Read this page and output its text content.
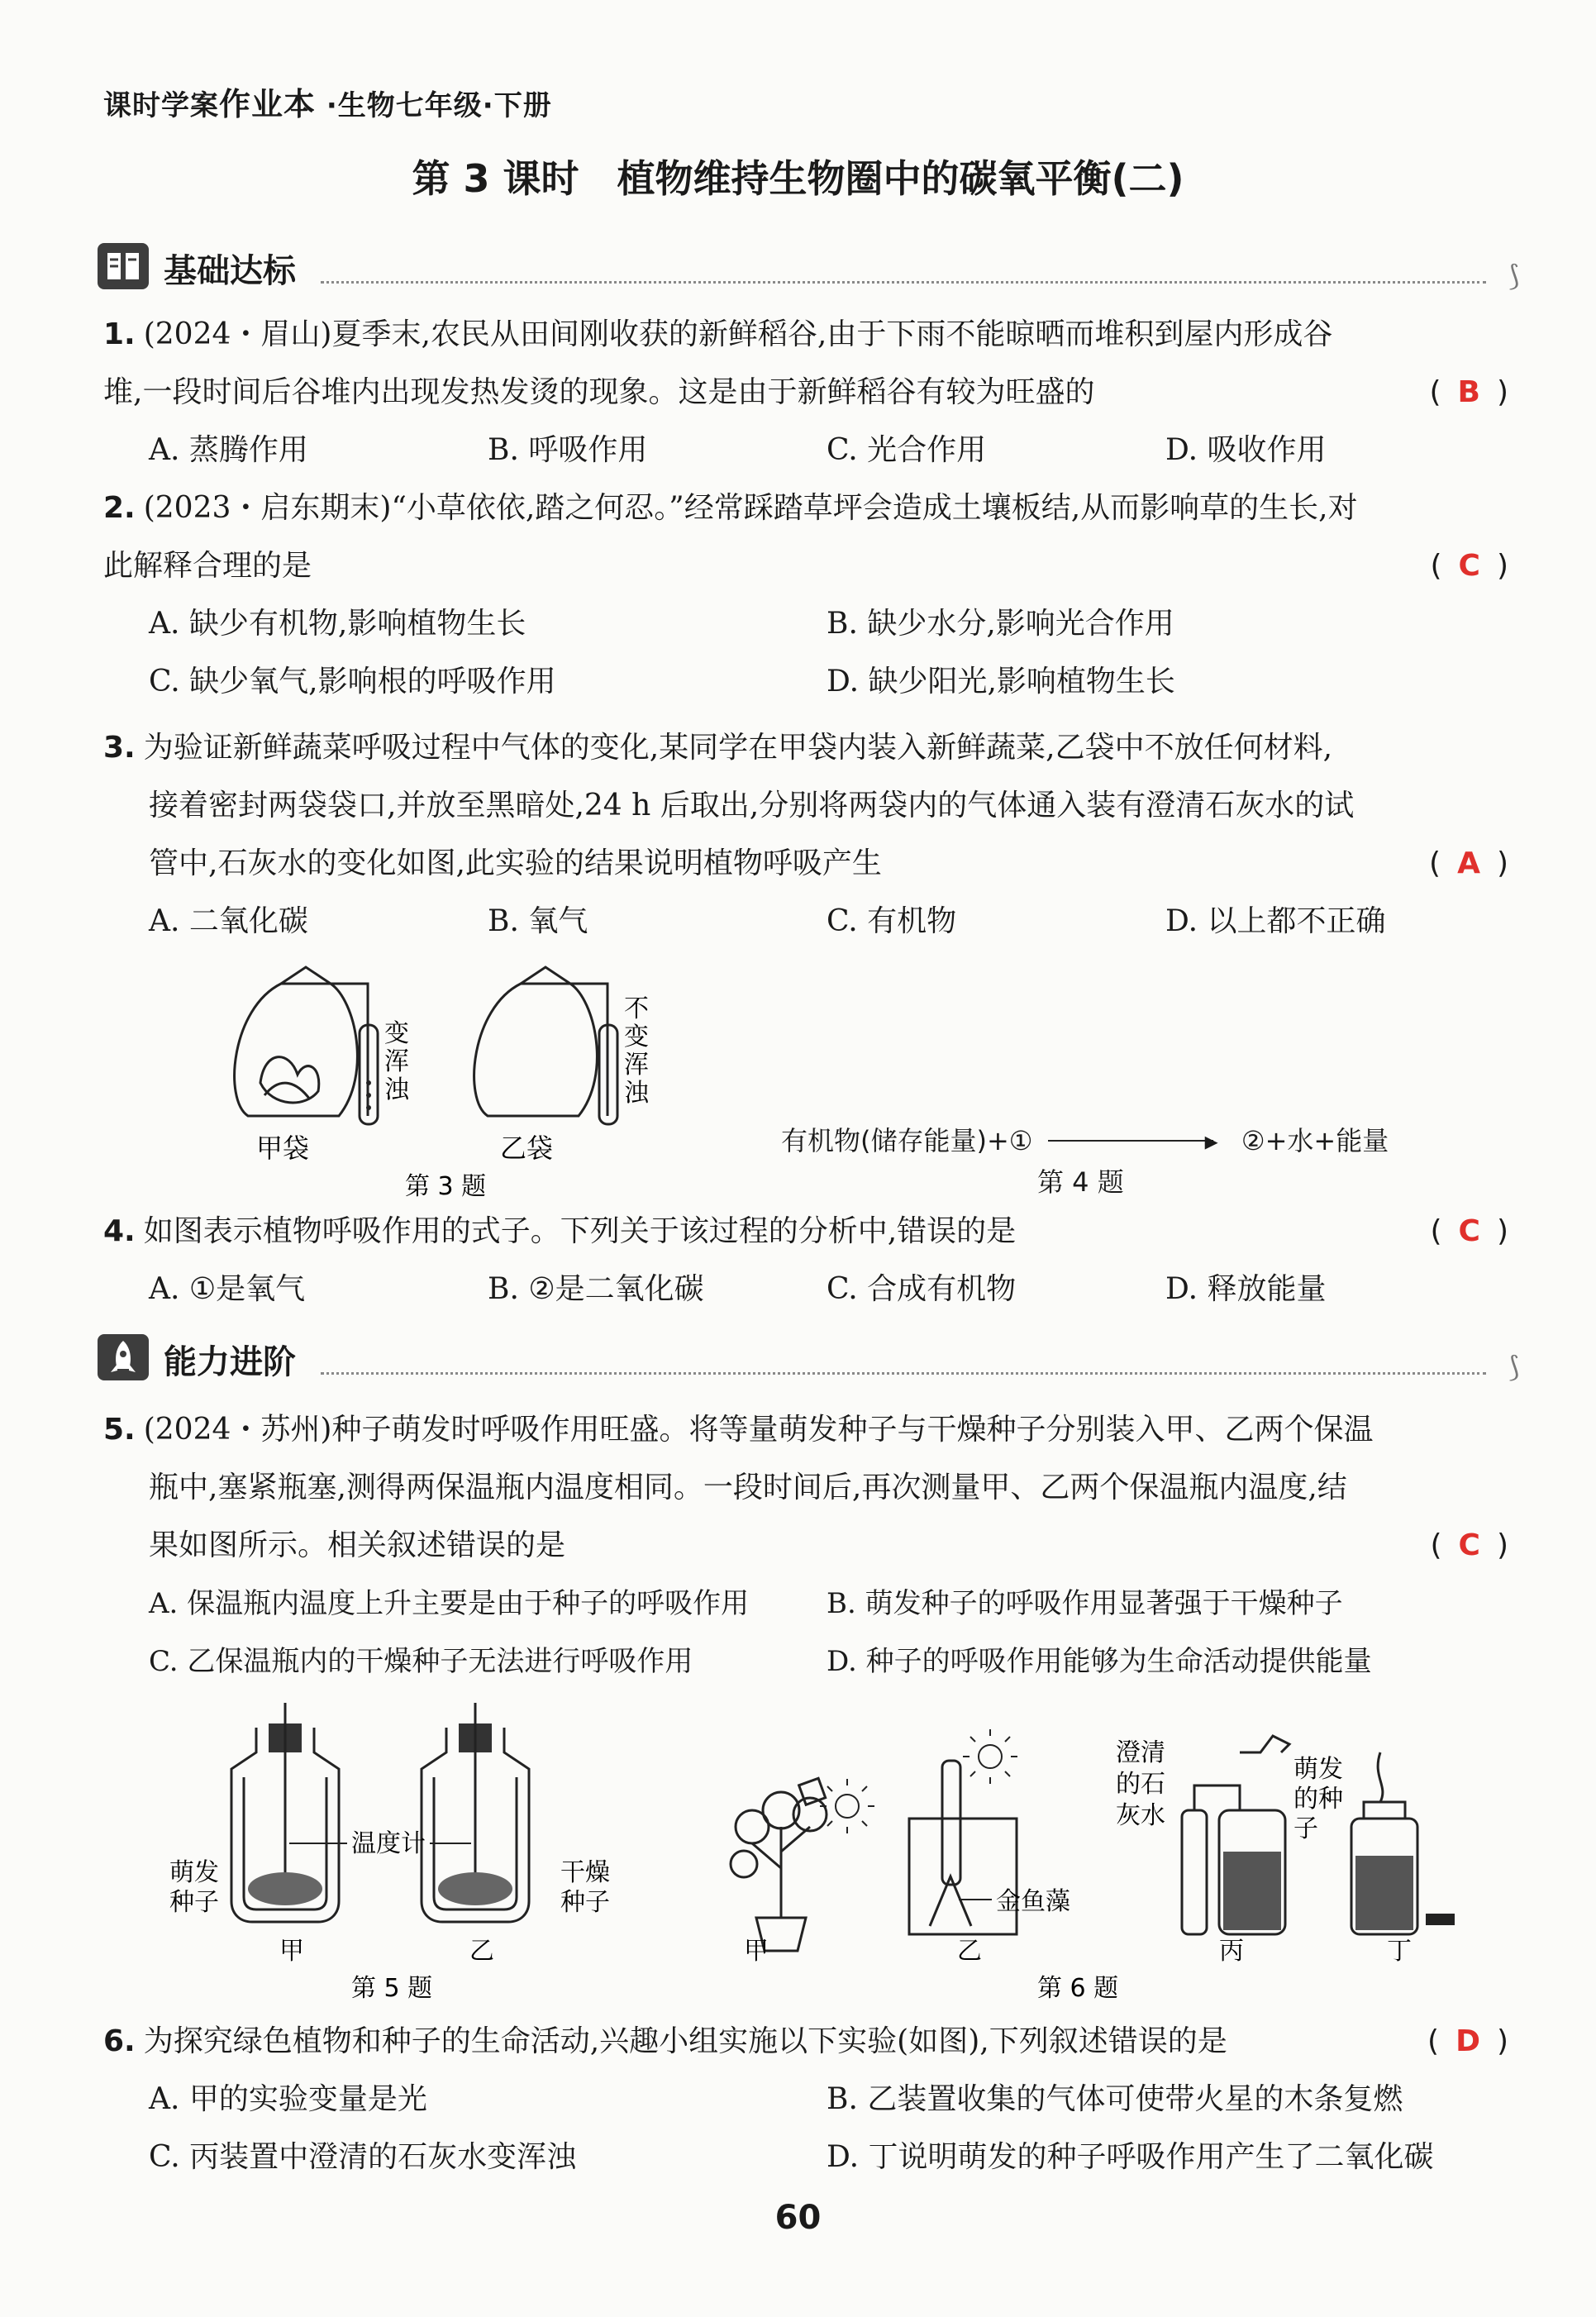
课时学案作业本 ·生物七年级·下册
第 3 课时　植物维持生物圈中的碳氧平衡(二)
基础达标	⟆
1. (2024・眉山)夏季末,农民从田间刚收获的新鲜稻谷,由于下雨不能晾晒而堆积到屋内形成谷
堆,一段时间后谷堆内出现发热发烫的现象。这是由于新鲜稻谷有较为旺盛的	( B )
A. 蒸腾作用	B. 呼吸作用	C. 光合作用	D. 吸收作用
2. (2023・启东期末)“小草依依,踏之何忍。”经常踩踏草坪会造成土壤板结,从而影响草的生长,对
此解释合理的是	( C )
A. 缺少有机物,影响植物生长	B. 缺少水分,影响光合作用
C. 缺少氧气,影响根的呼吸作用	D. 缺少阳光,影响植物生长
3. 为验证新鲜蔬菜呼吸过程中气体的变化,某同学在甲袋内装入新鲜蔬菜,乙袋中不放任何材料,
接着密封两袋袋口,并放至黑暗处,24 h 后取出,分别将两袋内的气体通入装有澄清石灰水的试
管中,石灰水的变化如图,此实验的结果说明植物呼吸产生	( A )
A. 二氧化碳	B. 氧气	C. 有机物	D. 以上都不正确
变浑浊
甲袋
不变浑浊
乙袋
第 3 题
有机物(储存能量)+①	▸ ②+水+能量
第 4 题
4. 如图表示植物呼吸作用的式子。下列关于该过程的分析中,错误的是	( C )
A. ①是氧气	B. ②是二氧化碳	C. 合成有机物	D. 释放能量
能力进阶	⟆
5. (2024・苏州)种子萌发时呼吸作用旺盛。将等量萌发种子与干燥种子分别装入甲、乙两个保温
瓶中,塞紧瓶塞,测得两保温瓶内温度相同。一段时间后,再次测量甲、乙两个保温瓶内温度,结
果如图所示。相关叙述错误的是	( C )
A. 保温瓶内温度上升主要是由于种子的呼吸作用	B. 萌发种子的呼吸作用显著强于干燥种子
C. 乙保温瓶内的干燥种子无法进行呼吸作用	D. 种子的呼吸作用能够为生命活动提供能量
温度计
萌发种子
干燥种子
甲	乙
第 5 题
金鱼藻
甲	乙
澄清的石灰水
萌发的种子
丙	丁
第 6 题
6. 为探究绿色植物和种子的生命活动,兴趣小组实施以下实验(如图),下列叙述错误的是	( D )
A. 甲的实验变量是光	B. 乙装置收集的气体可使带火星的木条复燃
C. 丙装置中澄清的石灰水变浑浊	D. 丁说明萌发的种子呼吸作用产生了二氧化碳
60
